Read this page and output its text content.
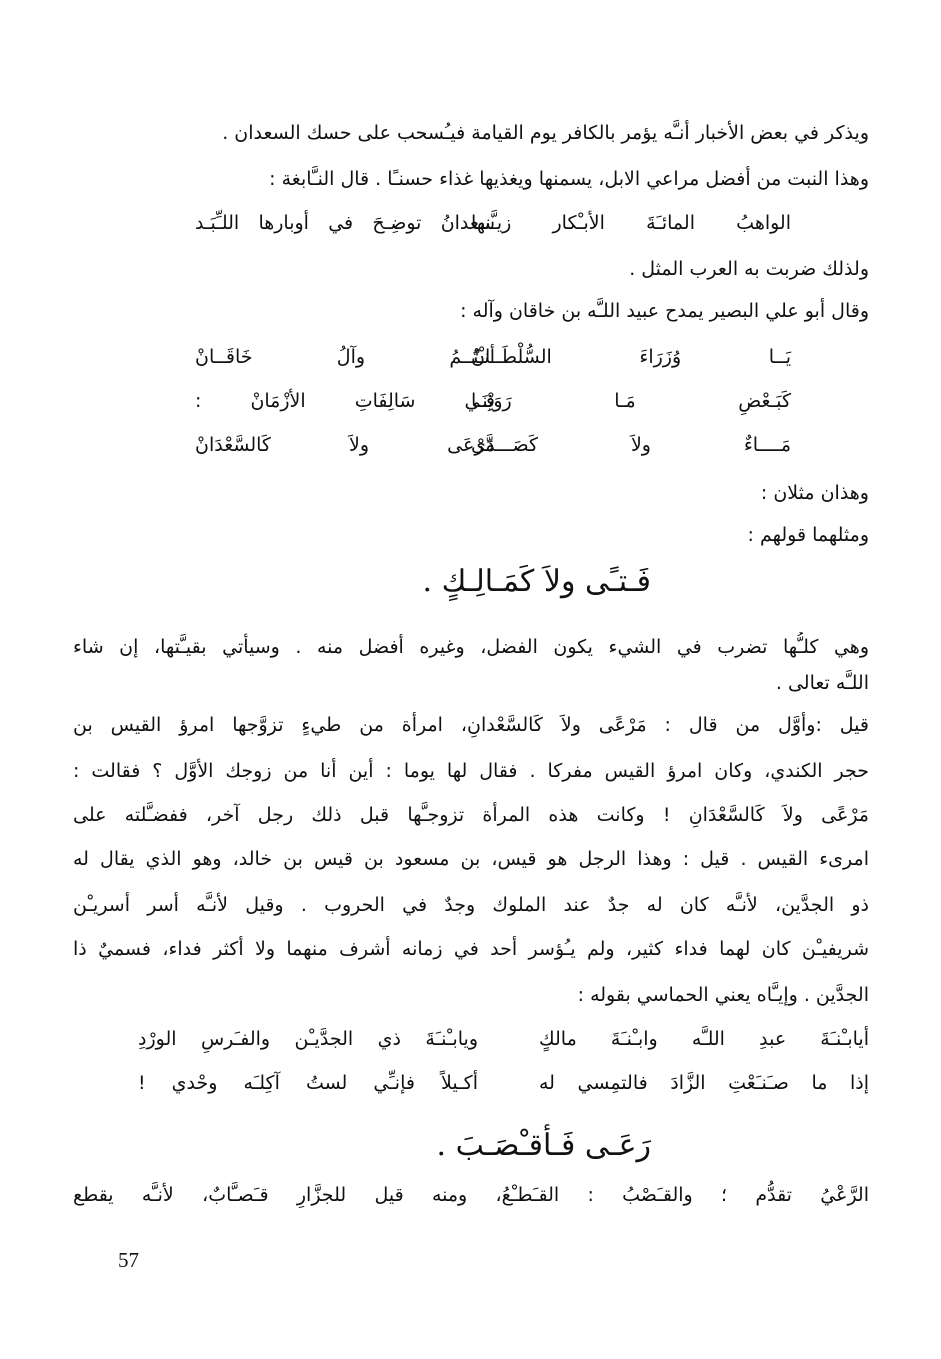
ويذكر في بعض الأخبار أنـَّه يؤمر بالكافر يوم القيامة فيـُسحب على حسك السعدان .
وهذا النبت من أفضل مراعي الابل، يسمنها ويغذيها غذاء حسنـًا . قال النـَّابغة :
الواهبُ المائـَةَ الأبـْكار زيـَّنها
سعدانُ توضِـحَ في أوبارها اللـِّبَـد
ولذلك ضربت به العرب المثل .
وقال أبو علي البصير يمدح عبيد اللـَّه بن خاقان وآله :
يَــا وُزَرَاءَ السُّلْطَــانْ
أنـْتُــمُ وآلُ خَاقَــانْ
كَبَـعْضِ مَـا رَوَيْنَـا
فِـي سَالِفَاتِ الأزْمَانْ :
مَــــاءٌ ولاَ كَصَـــدَّى
مَرْعَى ولاَ كَالسَّعْدَانْ
وهذان مثلان :
ومثلهما قولهم :
فَـتـًى ولاَ كَمَـالِـكٍ .
وهي كلـُّها تضرب في الشيء يكون الفضل، وغيره أفضل منه . وسيأتي بقيـَّتها، إن شاء
اللـَّه تعالى .
قيل :وأوَّل من قال : مَرْعًى ولاَ كَالسَّعْدانِ، امرأة من طيءٍ تزوَّجها امرؤ القيس بن
حجر الكندي، وكان امرؤ القيس مفركا . فقال لها يوما : أين أنا من زوجك الأوَّل ؟ فقالت :
مَرْعًى ولاَ كَالسَّعْدَانِ ! وكانت هذه المرأة تزوجـَّها قبل ذلك رجل آخر، ففضـَّلته على
امرىء القيس . قيل : وهذا الرجل هو قيس، بن مسعود بن قيس بن خالد، وهو الذي يقال له
ذو الجدَّين، لأنـَّه كان له جدٌ عند الملوك وجدٌ في الحروب . وقيل لأنـَّه أسر أسريـْن
شريفيـْن كان لهما فداء كثير، ولم يـُؤسر أحد في زمانه أشرف منهما ولا أكثر فداء، فسميٌ ذا
الجدَّين . وإيـَّاه يعني الحماسي بقوله :
أيابـْنـَةَ عبدِ اللـَّه وابـْنـَةَ مالكٍ
ويابـْنـَةَ ذي الجدَّيـْن والفـَرسِ الورْدِ
إذا ما صـَنـَعْتِ الزَّادَ فالتمِسي له
أكـيلاً فإنـِّي لستُ آكِلـَه وحْدي !
رَعَـى فَـأقـْصَـبَ .
الرَّعْيُ تقدُّم ؛ والقـَصْبُ : القـَطـْعُ، ومنه قيل للجزَّارِ قـَصـَّابٌ، لأنـَّه يقطع
57
